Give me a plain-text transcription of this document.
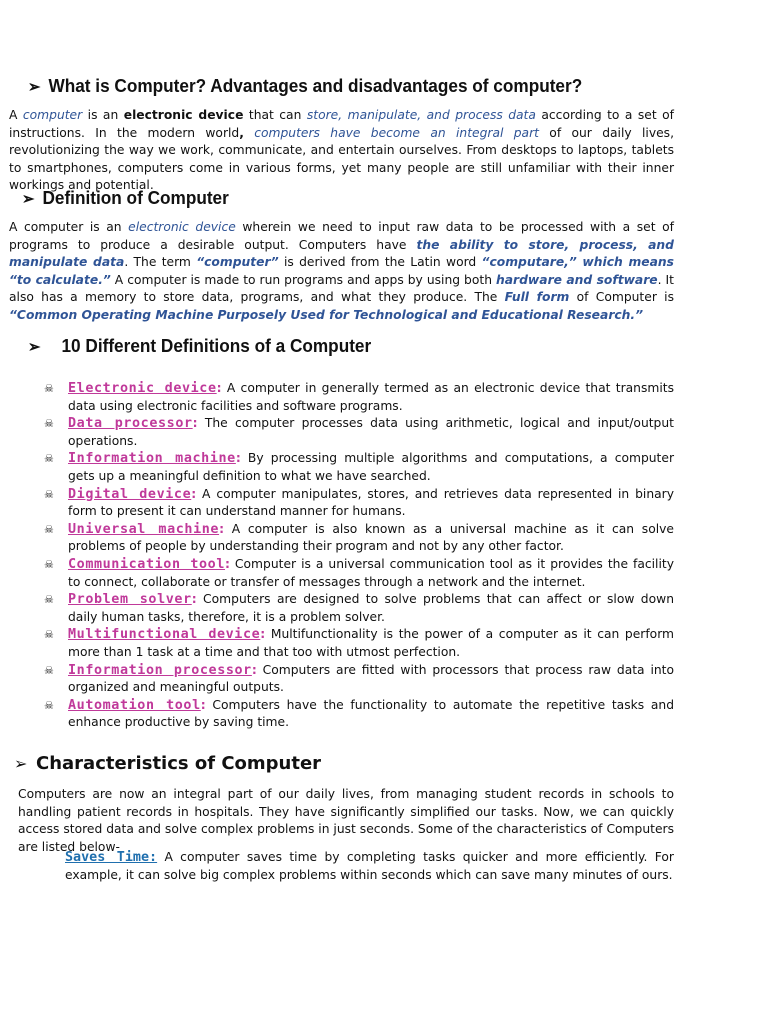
➢ What is Computer? Advantages and disadvantages of computer?
A computer is an electronic device that can store, manipulate, and process data according to a set of instructions. In the modern world, computers have become an integral part of our daily lives, revolutionizing the way we work, communicate, and entertain ourselves. From desktops to laptops, tablets to smartphones, computers come in various forms, yet many people are still unfamiliar with their inner workings and potential.
➢ Definition of Computer
A computer is an electronic device wherein we need to input raw data to be processed with a set of programs to produce a desirable output. Computers have the ability to store, process, and manipulate data. The term “computer” is derived from the Latin word “computare,” which means “to calculate.” A computer is made to run programs and apps by using both hardware and software. It also has a memory to store data, programs, and what they produce. The Full form of Computer is “Common Operating Machine Purposely Used for Technological and Educational Research.”
➢ 10 Different Definitions of a Computer
☠ Electronic device: A computer in generally termed as an electronic device that transmits data using electronic facilities and software programs.
☠ Data processor: The computer processes data using arithmetic, logical and input/output operations.
☠ Information machine: By processing multiple algorithms and computations, a computer gets up a meaningful definition to what we have searched.
☠ Digital device: A computer manipulates, stores, and retrieves data represented in binary form to present it can understand manner for humans.
☠ Universal machine: A computer is also known as a universal machine as it can solve problems of people by understanding their program and not by any other factor.
☠ Communication tool: Computer is a universal communication tool as it provides the facility to connect, collaborate or transfer of messages through a network and the internet.
☠ Problem solver: Computers are designed to solve problems that can affect or slow down daily human tasks, therefore, it is a problem solver.
☠ Multifunctional device: Multifunctionality is the power of a computer as it can perform more than 1 task at a time and that too with utmost perfection.
☠ Information processor: Computers are fitted with processors that process raw data into organized and meaningful outputs.
☠ Automation tool: Computers have the functionality to automate the repetitive tasks and enhance productive by saving time.
➢ Characteristics of Computer
Computers are now an integral part of our daily lives, from managing student records in schools to handling patient records in hospitals. They have significantly simplified our tasks. Now, we can quickly access stored data and solve complex problems in just seconds. Some of the characteristics of Computers are listed below-
Saves Time: A computer saves time by completing tasks quicker and more efficiently. For example, it can solve big complex problems within seconds which can save many minutes of ours.
